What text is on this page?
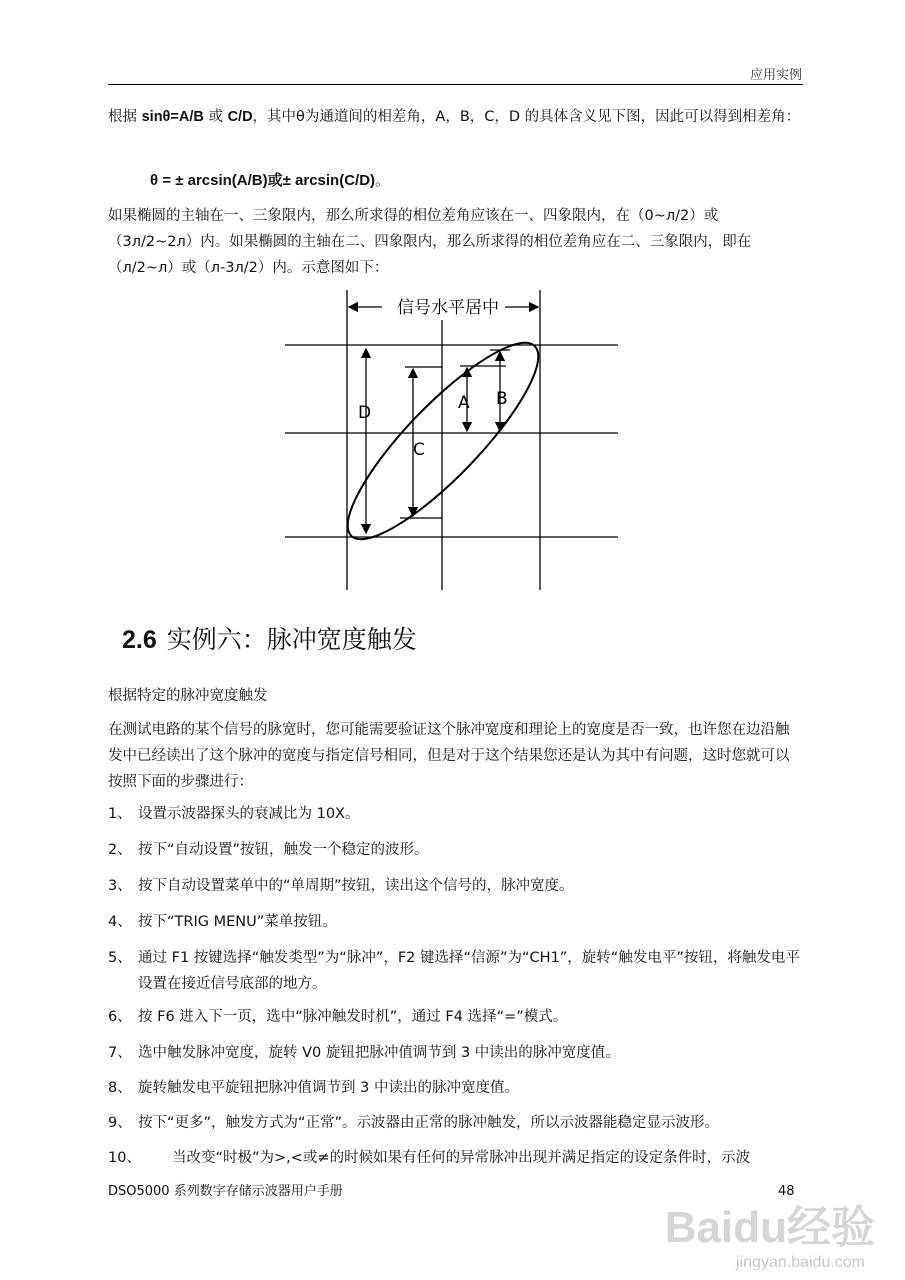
应用实例
根据 sinθ=A/B 或 C/D，其中θ为通道间的相差角，A，B，C，D 的具体含义见下图，因此可以得到相差角：
θ = ± arcsin(A/B)或± arcsin(C/D)。
如果椭圆的主轴在一、三象限内，那么所求得的相位差角应该在一、四象限内，在（0~л/2）或（3л/2~2л）内。如果椭圆的主轴在二、四象限内，那么所求得的相位差角应在二、三象限内，即在（л/2~л）或（л-3л/2）内。示意图如下：
信号水平居中
D
C
A B
2.6 实例六：脉冲宽度触发
根据特定的脉冲宽度触发
在测试电路的某个信号的脉宽时，您可能需要验证这个脉冲宽度和理论上的宽度是否一致，也许您在边沿触发中已经读出了这个脉冲的宽度与指定信号相同，但是对于这个结果您还是认为其中有问题，这时您就可以按照下面的步骤进行：
1、 设置示波器探头的衰减比为 10X。
2、 按下“自动设置”按钮，触发一个稳定的波形。
3、 按下自动设置菜单中的“单周期”按钮，读出这个信号的，脉冲宽度。
4、 按下“TRIG MENU”菜单按钮。
5、 通过 F1 按键选择“触发类型”为“脉冲”，F2 键选择“信源”为“CH1”，旋转“触发电平”按钮，将触发电平设置在接近信号底部的地方。
6、 按 F6 进入下一页，选中“脉冲触发时机”，通过 F4 选择“=”模式。
7、 选中触发脉冲宽度，旋转 V0 旋钮把脉冲值调节到 3 中读出的脉冲宽度值。
8、 旋转触发电平旋钮把脉冲值调节到 3 中读出的脉冲宽度值。
9、 按下“更多”，触发方式为“正常”。示波器由正常的脉冲触发，所以示波器能稳定显示波形。
10、 当改变“时极”为>,<或≠的时候如果有任何的异常脉冲出现并满足指定的设定条件时，示波
DSO5000 系列数字存储示波器用户手册	48
Baidu经验
jingyan.baidu.com
